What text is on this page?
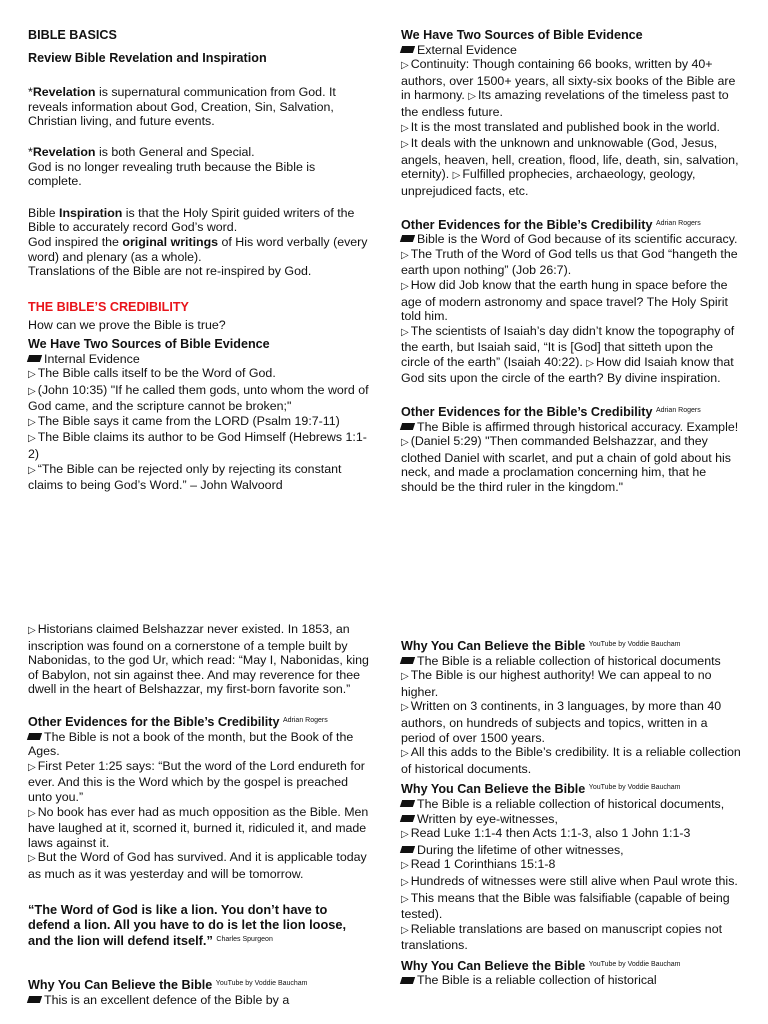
BIBLE BASICS

Review Bible Revelation and Inspiration

*Revelation is supernatural communication from God. It reveals information about God, Creation, Sin, Salvation, Christian living, and future events.

*Revelation is both General and Special.

God is no longer revealing truth because the Bible is complete.

Bible Inspiration is that the Holy Spirit guided writers of the Bible to accurately record God’s word.

God inspired the original writings of His word verbally (every word) and plenary (as a whole).

Translations of the Bible are not re-inspired by God.

THE BIBLE’S CREDIBILITY

How can we prove the Bible is true?

We Have Two Sources of Bible Evidence

Internal Evidence

▷ The Bible calls itself to be the Word of God.

▷ (John 10:35) "If he called them gods, unto whom the word of God came, and the scripture cannot be broken;"

▷ The Bible says it came from the LORD (Psalm 19:7-11)

▷ The Bible claims its author to be God Himself (Hebrews 1:1-2)

▷ “The Bible can be rejected only by rejecting its constant claims to being God’s Word.” – John Walvoord

We Have Two Sources of Bible Evidence

External Evidence

▷ Continuity: Though containing 66 books, written by 40+ authors, over 1500+ years, all sixty-six books of the Bible are in harmony. ▷ Its amazing revelations of the timeless past to the endless future.

▷ It is the most translated and published book in the world.

▷ It deals with the unknown and unknowable (God, Jesus, angels, heaven, hell, creation, flood, life, death, sin, salvation, eternity). ▷ Fulfilled prophecies, archaeology, geology, unprejudiced facts, etc.

Other Evidences for the Bible’s Credibility $^{Adrian Rogers}$

Bible is the Word of God because of its scientific accuracy.

▷ The Truth of the Word of God tells us that God “hangeth the earth upon nothing” (Job 26:7).

▷ How did Job know that the earth hung in space before the age of modern astronomy and space travel? The Holy Spirit told him.

▷ The scientists of Isaiah’s day didn’t know the topography of the earth, but Isaiah said, “It is [God] that sitteth upon the circle of the earth” (Isaiah 40:22). ▷ How did Isaiah know that God sits upon the circle of the earth? By divine inspiration.

Other Evidences for the Bible’s Credibility $^{Adrian Rogers}$

The Bible is affirmed through historical accuracy. Example!

▷ (Daniel 5:29) "Then commanded Belshazzar, and they clothed Daniel with scarlet, and put a chain of gold about his neck, and made a proclamation concerning him, that he should be the third ruler in the kingdom."

▷ Historians claimed Belshazzar never existed. In 1853, an inscription was found on a cornerstone of a temple built by Nabonidas, to the god Ur, which read: “May I, Nabonidas, king of Babylon, not sin against thee. And may reverence for thee dwell in the heart of Belshazzar, my first-born favorite son.”

Other Evidences for the Bible’s Credibility $^{Adrian Rogers}$

The Bible is not a book of the month, but the Book of the Ages.

▷ First Peter 1:25 says: “But the word of the Lord endureth for ever. And this is the Word which by the gospel is preached unto you.”

▷ No book has ever had as much opposition as the Bible. Men have laughed at it, scorned it, burned it, ridiculed it, and made laws against it.

▷ But the Word of God has survived. And it is applicable today as much as it was yesterday and will be tomorrow.

“The Word of God is like a lion. You don’t have to defend a lion. All you have to do is let the lion loose, and the lion will defend itself.” $^{Charles Spurgeon}$

Why You Can Believe the Bible $^{YouTube by Voddie Baucham}$

This is an excellent defence of the Bible by a

Why You Can Believe the Bible $^{YouTube by Voddie Baucham}$

The Bible is a reliable collection of historical documents

▷ The Bible is our highest authority! We can appeal to no higher.

▷ Written on 3 continents, in 3 languages, by more than 40 authors, on hundreds of subjects and topics, written in a period of over 1500 years.

▷ All this adds to the Bible’s credibility. It is a reliable collection of historical documents.

Why You Can Believe the Bible $^{YouTube by Voddie Baucham}$

The Bible is a reliable collection of historical documents,

Written by eye-witnesses,

▷ Read Luke 1:1-4 then Acts 1:1-3, also 1 John 1:1-3

During the lifetime of other witnesses,

▷ Read 1 Corinthians 15:1-8

▷ Hundreds of witnesses were still alive when Paul wrote this.

▷ This means that the Bible was falsifiable (capable of being tested).

▷ Reliable translations are based on manuscript copies not translations.

Why You Can Believe the Bible $^{YouTube by Voddie Baucham}$

The Bible is a reliable collection of historical
